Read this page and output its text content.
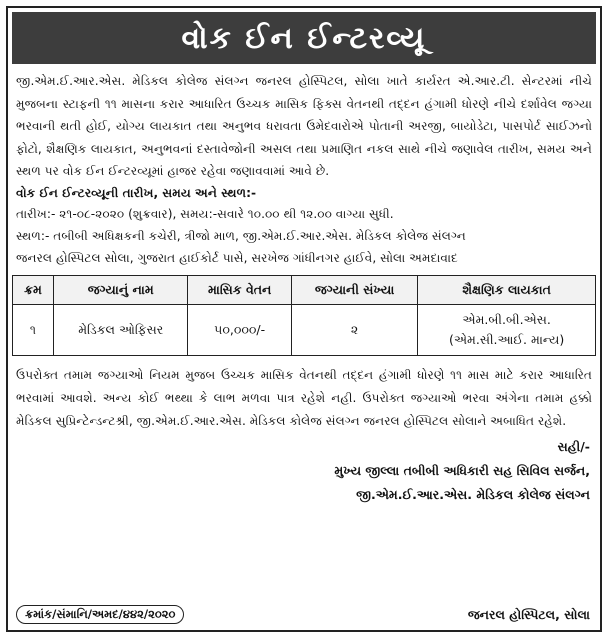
વોક ઈન ઈન્ટરવ્યૂ

જી.એમ.ઈ.આર.એસ. મેડિકલ કોલેજ સંલગ્ન જનરલ હોસ્પિટલ, સોલા ખાતે કાર્યરત એ.આર.ટી. સેન્ટરમાં નીચે મુજબના સ્ટાફની ૧૧ માસના કરાર આધારિત ઉચ્ચક માસિક ફિક્સ વેતનથી તદ્દન હંગામી ધોરણે નીચે દર્શાવેલ જગ્યા ભરવાની થતી હોઈ, યોગ્ય લાયકાત તથા અનુભવ ધરાવતા ઉમેદવારોએ પોતાની અરજી, બાયોડેટા, પાસપોર્ટ સાઈઝનો ફોટો, શૈક્ષણિક લાયકાત, અનુભવનાં દસ્તાવેજોની અસલ તથા પ્રમાણિત નકલ સાથે નીચે જણાવેલ તારીખ, સમય અને સ્થળ પર વોક ઈન ઈન્ટરવ્યૂમાં હાજર રહેવા જણાવવામાં આવે છે.

વોક ઈન ઈન્ટરવ્યૂની તારીખ, સમય અને સ્થળ:-
તારીખ:- ૨૧-૦૮-૨૦૨૦ (શુક્રવાર), સમય:-સવારે ૧૦.૦૦ થી ૧૨.૦૦ વાગ્યા સુધી.
સ્થળ:- તબીબી અધિક્ષકની કચેરી, ત્રીજો માળ, જી.એમ.ઈ.આર.એસ. મેડિકલ કોલેજ સંલગ્ન
જનરલ હોસ્પિટલ સોલા, ગુજરાત હાઈકોર્ટ પાસે, સરખેજ ગાંધીનગર હાઈવે, સોલા અમદાવાદ
ક્રમ	જગ્યાનું નામ	માસિક વેતન	જગ્યાની સંખ્યા	શૈક્ષણિક લાયકાત
૧	મેડિકલ ઓફિસર	૫૦,૦૦૦/-	૨	એમ.બી.બી.એસ.
(એમ.સી.આઈ. માન્ય)

ઉપરોક્ત તમામ જગ્યાઓ નિયમ મુજબ ઉચ્ચક માસિક વેતનથી તદ્દન હંગામી ધોરણે ૧૧ માસ માટે કરાર આધારિત ભરવામાં આવશે. અન્ય કોઈ ભથ્થા કે લાભ મળવા પાત્ર રહેશે નહી. ઉપરોક્ત જગ્યાઓ ભરવા અંગેના તમામ હક્કો મેડિકલ સુપ્રિન્ટેન્ડન્ટશ્રી, જી.એમ.ઈ.આર.એસ. મેડિકલ કોલેજ સંલગ્ન જનરલ હોસ્પિટલ સોલાને અબાધિત રહેશે.

સહી/-
મુખ્ય જીલ્લા તબીબી અધિકારી સહ સિવિલ સર્જન,
જી.એમ.ઈ.આર.એસ. મેડિકલ કોલેજ સંલગ્ન
ક્રમાંક/સંમાનિ/અમદ/૪૪૨/૨૦૨૦	જનરલ હોસ્પિટલ, સોલા
